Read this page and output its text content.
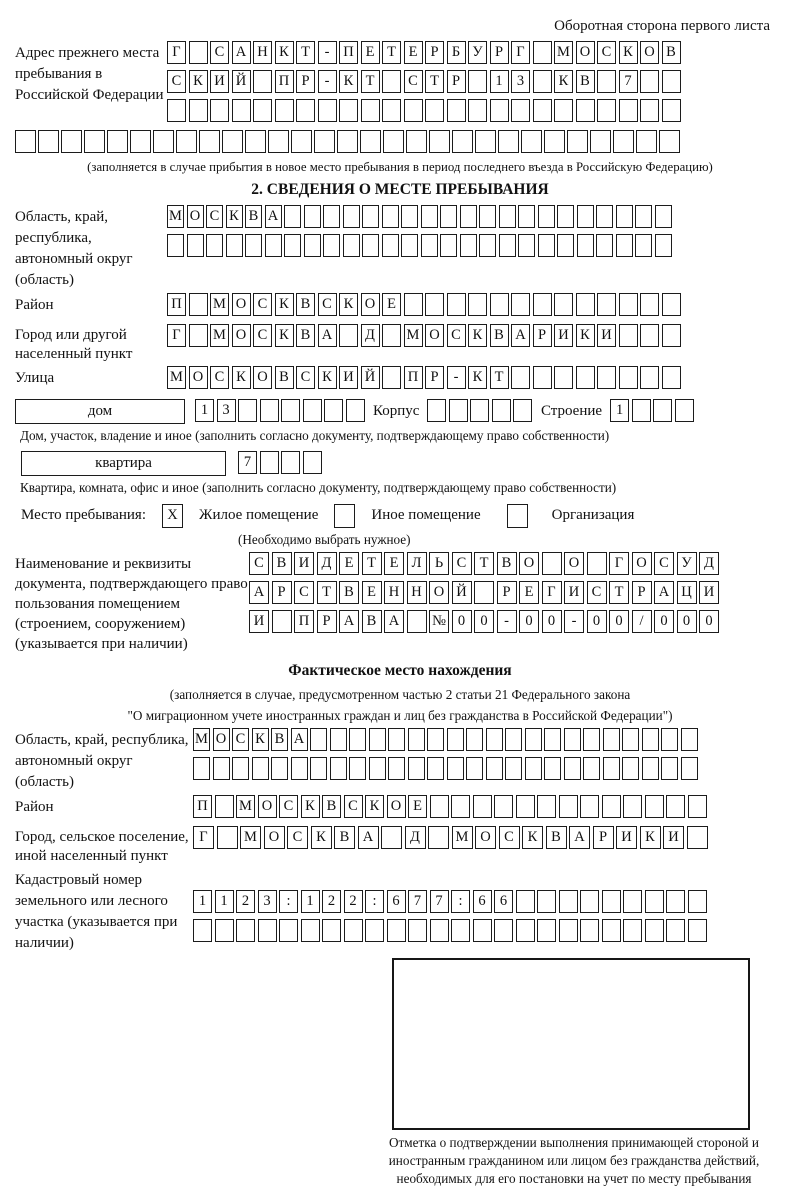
Оборотная сторона первого листа
Адрес прежнего места пребывания в Российской Федерации
Г С А Н К Т - П Е Т Е Р Б У Р Г М О С К О В
С К И Й П Р - К Т С Т Р 1 3 К В 7
(заполняется в случае прибытия в новое место пребывания в период последнего въезда в Российскую Федерацию)
2. СВЕДЕНИЯ О МЕСТЕ ПРЕБЫВАНИЯ
Область, край, республика, автономный округ (область)
М О С К В А
Район	П М О С К В С К О Е
Город или другой населенный пункт
Г М О С К В А Д М О С К В А Р И К И
Улица	М О С К О В С К И Й П Р - К Т
дом	1 3	Корпус	Строение 1
Дом, участок, владение и иное (заполнить согласно документу, подтверждающему право собственности)
квартира	7
Квартира, комната, офис и иное (заполнить согласно документу, подтверждающему право собственности)
Место пребывания:	X	Жилое помещение	Иное помещение	Организация
(Необходимо выбрать нужное)
Наименование и реквизиты документа, подтверждающего право пользования помещением (строением, сооружением) (указывается при наличии)
С В И Д Е Т Е Л Ь С Т В О О Г О С У Д
А Р С Т В Е Н Н О Й Р Е Г И С Т Р А Ц И
И П Р А В А № 0 0 - 0 0 - 0 0 / 0 0 0
Фактическое место нахождения
(заполняется в случае, предусмотренном частью 2 статьи 21 Федерального закона
"О миграционном учете иностранных граждан и лиц без гражданства в Российской Федерации")
Область, край, республика, автономный округ (область)
М О С К В А
Район	П М О С К В С К О Е
Город, сельское поселение, иной населенный пункт
Г	М О С К В А	Д М О С К В А Р И К И
Кадастровый номер земельного или лесного участка (указывается при наличии)
1 1 2 3 : 1 2 2 : 6 7 7 : 6 6
Отметка о подтверждении выполнения принимающей стороной и иностранным гражданином или лицом без гражданства действий, необходимых для его постановки на учет по месту пребывания
